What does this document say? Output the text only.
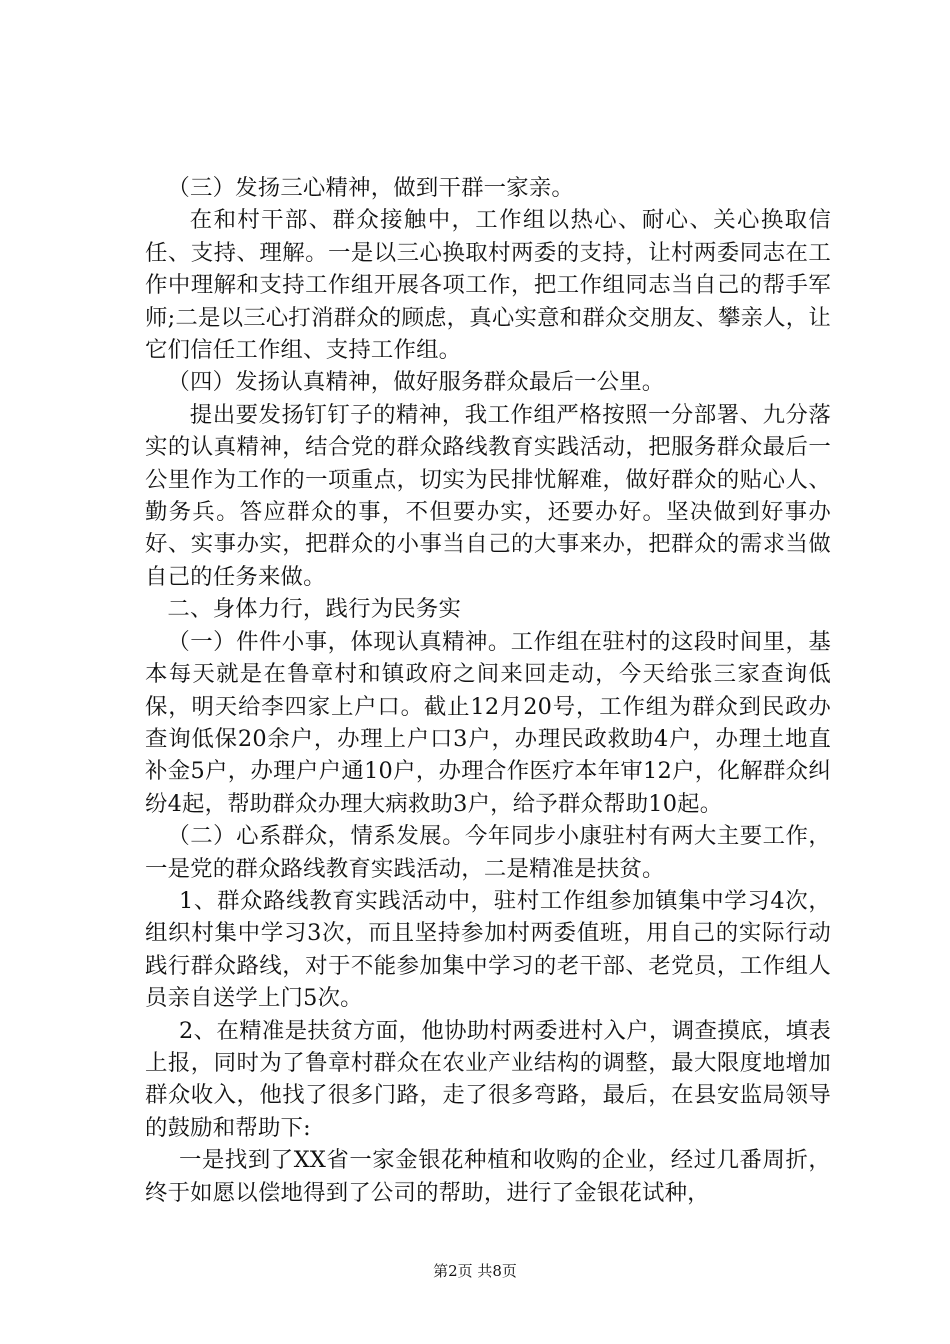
（三）发扬三心精神，做到干群一家亲。

在和村干部、群众接触中，工作组以热心、耐心、关心换取信任、支持、理解。一是以三心换取村两委的支持，让村两委同志在工作中理解和支持工作组开展各项工作，把工作组同志当自己的帮手军师;二是以三心打消群众的顾虑，真心实意和群众交朋友、攀亲人，让它们信任工作组、支持工作组。

（四）发扬认真精神，做好服务群众最后一公里。

提出要发扬钉钉子的精神，我工作组严格按照一分部署、九分落实的认真精神，结合党的群众路线教育实践活动，把服务群众最后一公里作为工作的一项重点，切实为民排忧解难，做好群众的贴心人、勤务兵。答应群众的事，不但要办实，还要办好。坚决做到好事办好、实事办实，把群众的小事当自己的大事来办，把群众的需求当做自己的任务来做。

二、身体力行，践行为民务实

（一）件件小事，体现认真精神。工作组在驻村的这段时间里，基本每天就是在鲁章村和镇政府之间来回走动，今天给张三家查询低保，明天给李四家上户口。截止12月20号，工作组为群众到民政办查询低保20余户，办理上户口3户，办理民政救助4户，办理土地直补金5户，办理户户通10户，办理合作医疗本年审12户，化解群众纠纷4起，帮助群众办理大病救助3户，给予群众帮助10起。

（二）心系群众，情系发展。今年同步小康驻村有两大主要工作，一是党的群众路线教育实践活动，二是精准是扶贫。

1、群众路线教育实践活动中，驻村工作组参加镇集中学习4次，组织村集中学习3次，而且坚持参加村两委值班，用自己的实际行动践行群众路线，对于不能参加集中学习的老干部、老党员，工作组人员亲自送学上门5次。

2、在精准是扶贫方面，他协助村两委进村入户，调查摸底，填表上报，同时为了鲁章村群众在农业产业结构的调整，最大限度地增加群众收入，他找了很多门路，走了很多弯路，最后，在县安监局领导的鼓励和帮助下:

一是找到了XX省一家金银花种植和收购的企业，经过几番周折，终于如愿以偿地得到了公司的帮助，进行了金银花试种，

第2页 共8页
